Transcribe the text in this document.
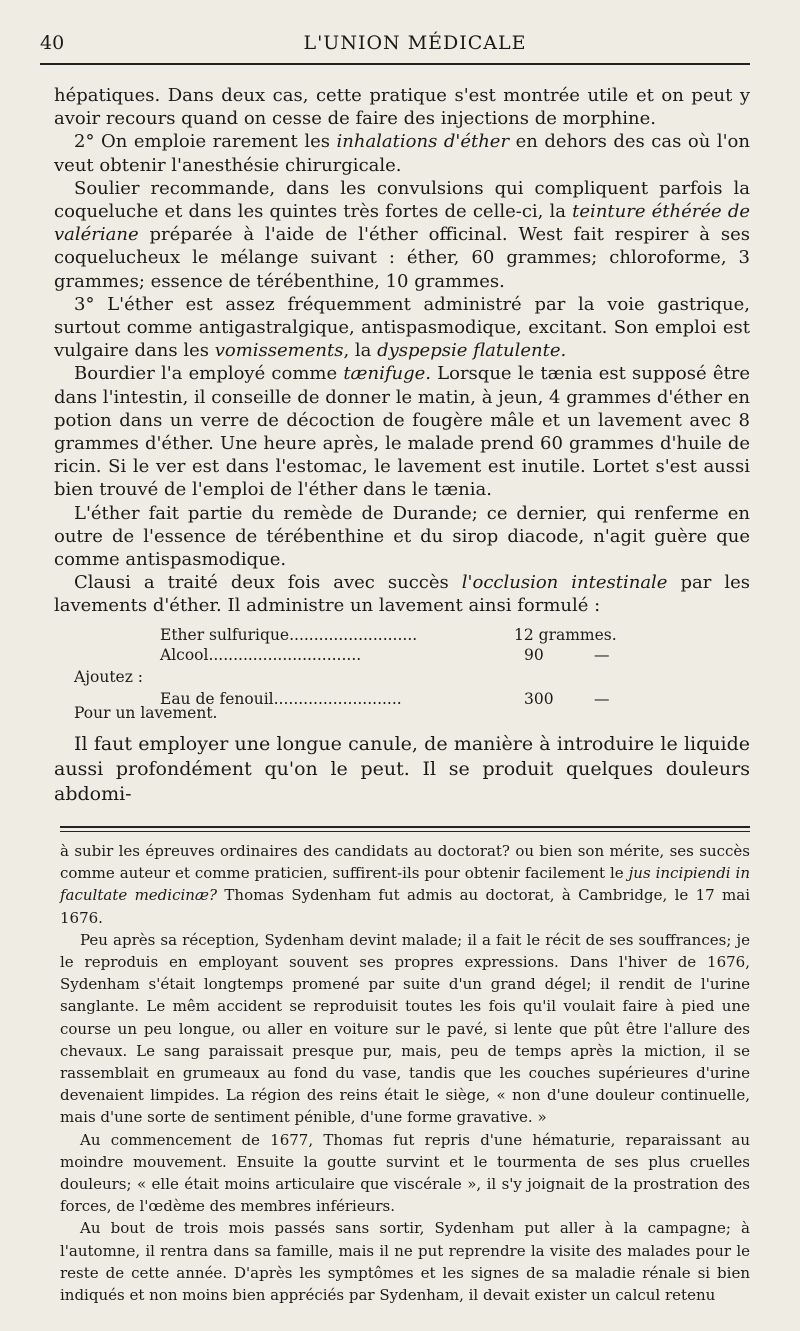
40	L'UNION MÉDICALE

hépatiques. Dans deux cas, cette pratique s'est montrée utile et on peut y avoir recours quand on cesse de faire des injections de morphine.

2° On emploie rarement les inhalations d'éther en dehors des cas où l'on veut obtenir l'anesthésie chirurgicale.

Soulier recommande, dans les convulsions qui compliquent parfois la coqueluche et dans les quintes très fortes de celle-ci, la teinture éthérée de valériane préparée à l'aide de l'éther officinal. West fait respirer à ses coquelucheux le mélange suivant : éther, 60 grammes; chloroforme, 3 grammes; essence de térébenthine, 10 grammes.

3° L'éther est assez fréquemment administré par la voie gastrique, surtout comme antigastralgique, antispasmodique, excitant. Son emploi est vulgaire dans les vomissements, la dyspepsie flatulente.

Bourdier l'a employé comme tænifuge. Lorsque le tænia est supposé être dans l'intestin, il conseille de donner le matin, à jeun, 4 grammes d'éther en potion dans un verre de décoction de fougère mâle et un lavement avec 8 grammes d'éther. Une heure après, le malade prend 60 grammes d'huile de ricin. Si le ver est dans l'estomac, le lavement est inutile. Lortet s'est aussi bien trouvé de l'emploi de l'éther dans le tænia.

L'éther fait partie du remède de Durande; ce dernier, qui renferme en outre de l'essence de térébenthine et du sirop diacode, n'agit guère que comme antispasmodique.

Clausi a traité deux fois avec succès l'occlusion intestinale par les lavements d'éther. Il administre un lavement ainsi formulé :

Ether sulfurique..........................	12 grammes.
Alcool...............................	90	—
Ajoutez :
Eau de fenouil..........................	300	—
Pour un lavement.

Il faut employer une longue canule, de manière à introduire le liquide aussi profondément qu'on le peut. Il se produit quelques douleurs abdomi-

à subir les épreuves ordinaires des candidats au doctorat? ou bien son mérite, ses succès comme auteur et comme praticien, suffirent-ils pour obtenir facilement le jus incipiendi in facultate medicinæ? Thomas Sydenham fut admis au doctorat, à Cambridge, le 17 mai 1676.

Peu après sa réception, Sydenham devint malade; il a fait le récit de ses souffrances; je le reproduis en employant souvent ses propres expressions. Dans l'hiver de 1676, Sydenham s'était longtemps promené par suite d'un grand dégel; il rendit de l'urine sanglante. Le mêm accident se reproduisit toutes les fois qu'il voulait faire à pied une course un peu longue, ou aller en voiture sur le pavé, si lente que pût être l'allure des chevaux. Le sang paraissait presque pur, mais, peu de temps après la miction, il se rassemblait en grumeaux au fond du vase, tandis que les couches supérieures d'urine devenaient limpides. La région des reins était le siège, « non d'une douleur continuelle, mais d'une sorte de sentiment pénible, d'une forme gravative. »

Au commencement de 1677, Thomas fut repris d'une hématurie, reparaissant au moindre mouvement. Ensuite la goutte survint et le tourmenta de ses plus cruelles douleurs; « elle était moins articulaire que viscérale », il s'y joignait de la prostration des forces, de l'œdème des membres inférieurs.

Au bout de trois mois passés sans sortir, Sydenham put aller à la campagne; à l'automne, il rentra dans sa famille, mais il ne put reprendre la visite des malades pour le reste de cette année. D'après les symptômes et les signes de sa maladie rénale si bien indiqués et non moins bien appréciés par Sydenham, il devait exister un calcul retenu
